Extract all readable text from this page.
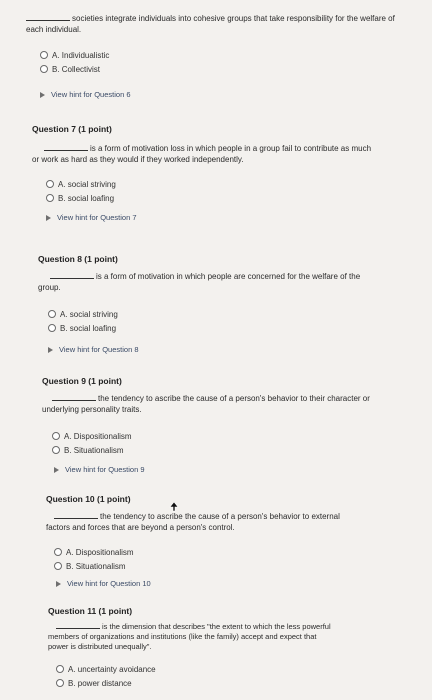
societies integrate individuals into cohesive groups that take responsibility for the welfare of each individual.
A. Individualistic
B. Collectivist
View hint for Question 6
Question 7 (1 point)
is a form of motivation loss in which people in a group fail to contribute as much or work as hard as they would if they worked independently.
A. social striving
B. social loafing
View hint for Question 7
Question 8 (1 point)
is a form of motivation in which people are concerned for the welfare of the group.
A. social striving
B. social loafing
View hint for Question 8
Question 9 (1 point)
the tendency to ascribe the cause of a person's behavior to their character or underlying personality traits.
A. Dispositionalism
B. Situationalism
View hint for Question 9
Question 10 (1 point)
the tendency to ascribe the cause of a person's behavior to external factors and forces that are beyond a person's control.
A. Dispositionalism
B. Situationalism
View hint for Question 10
Question 11 (1 point)
is the dimension that describes "the extent to which the less powerful members of organizations and institutions (like the family) accept and expect that power is distributed unequally".
A. uncertainty avoidance
B. power distance
